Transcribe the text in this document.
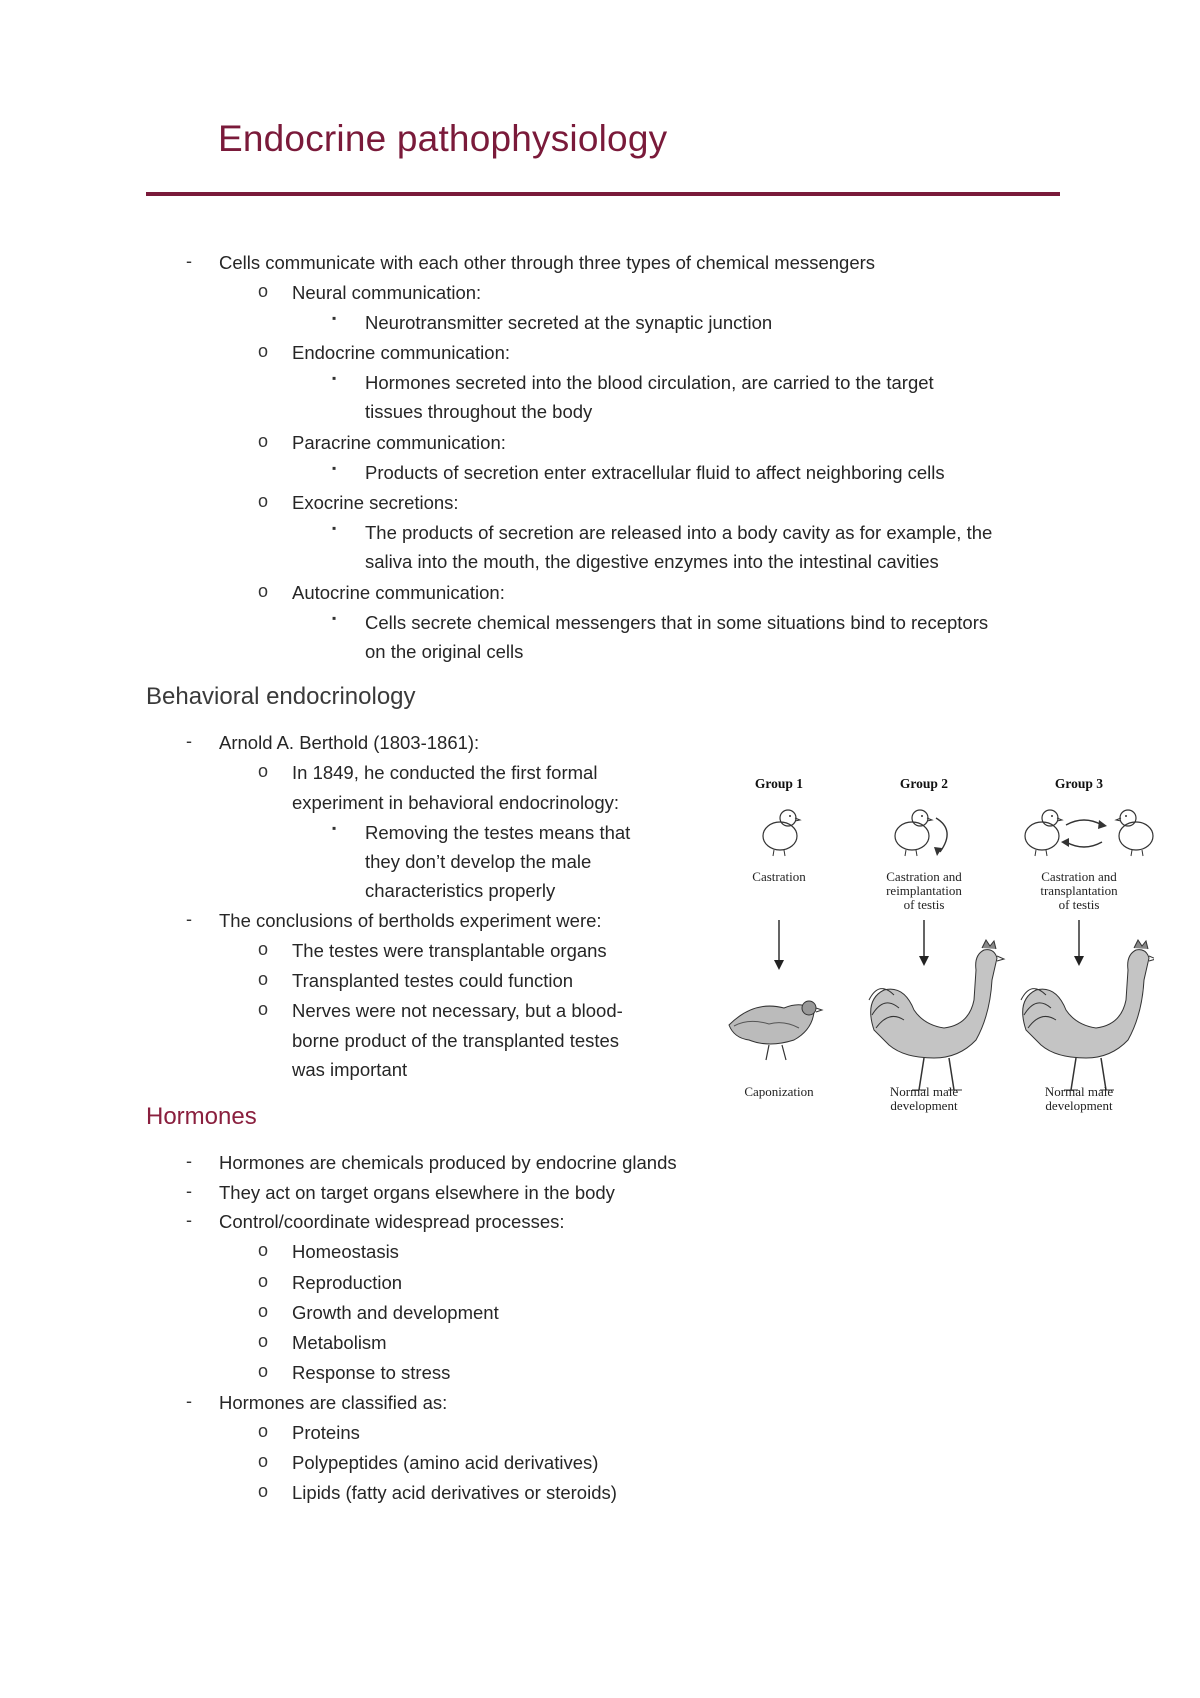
Endocrine pathophysiology
- Cells communicate with each other through three types of chemical messengers
o Neural communication:
▪ Neurotransmitter secreted at the synaptic junction
o Endocrine communication:
▪ Hormones secreted into the blood circulation, are carried to the target
tissues throughout the body
o Paracrine communication:
▪ Products of secretion enter extracellular fluid to affect neighboring cells
o Exocrine secretions:
▪ The products of secretion are released into a body cavity as for example, the
saliva into the mouth, the digestive enzymes into the intestinal cavities
o Autocrine communication:
▪ Cells secrete chemical messengers that in some situations bind to receptors
on the original cells
Behavioral endocrinology
- Arnold A. Berthold (1803-1861):
o In 1849, he conducted the first formal
experiment in behavioral endocrinology:
▪ Removing the testes means that
they don’t develop the male
characteristics properly
- The conclusions of bertholds experiment were:
o The testes were transplantable organs
o Transplanted testes could function
o Nerves were not necessary, but a blood-
borne product of the transplanted testes
was important
Group 1
Castration
Caponization
Group 2
Castration and
reimplantation
of testis
Normal male
development
Group 3
Castration and
transplantation
of testis
Normal male
development
Hormones
- Hormones are chemicals produced by endocrine glands
- They act on target organs elsewhere in the body
- Control/coordinate widespread processes:
o Homeostasis
o Reproduction
o Growth and development
o Metabolism
o Response to stress
- Hormones are classified as:
o Proteins
o Polypeptides (amino acid derivatives)
o Lipids (fatty acid derivatives or steroids)
